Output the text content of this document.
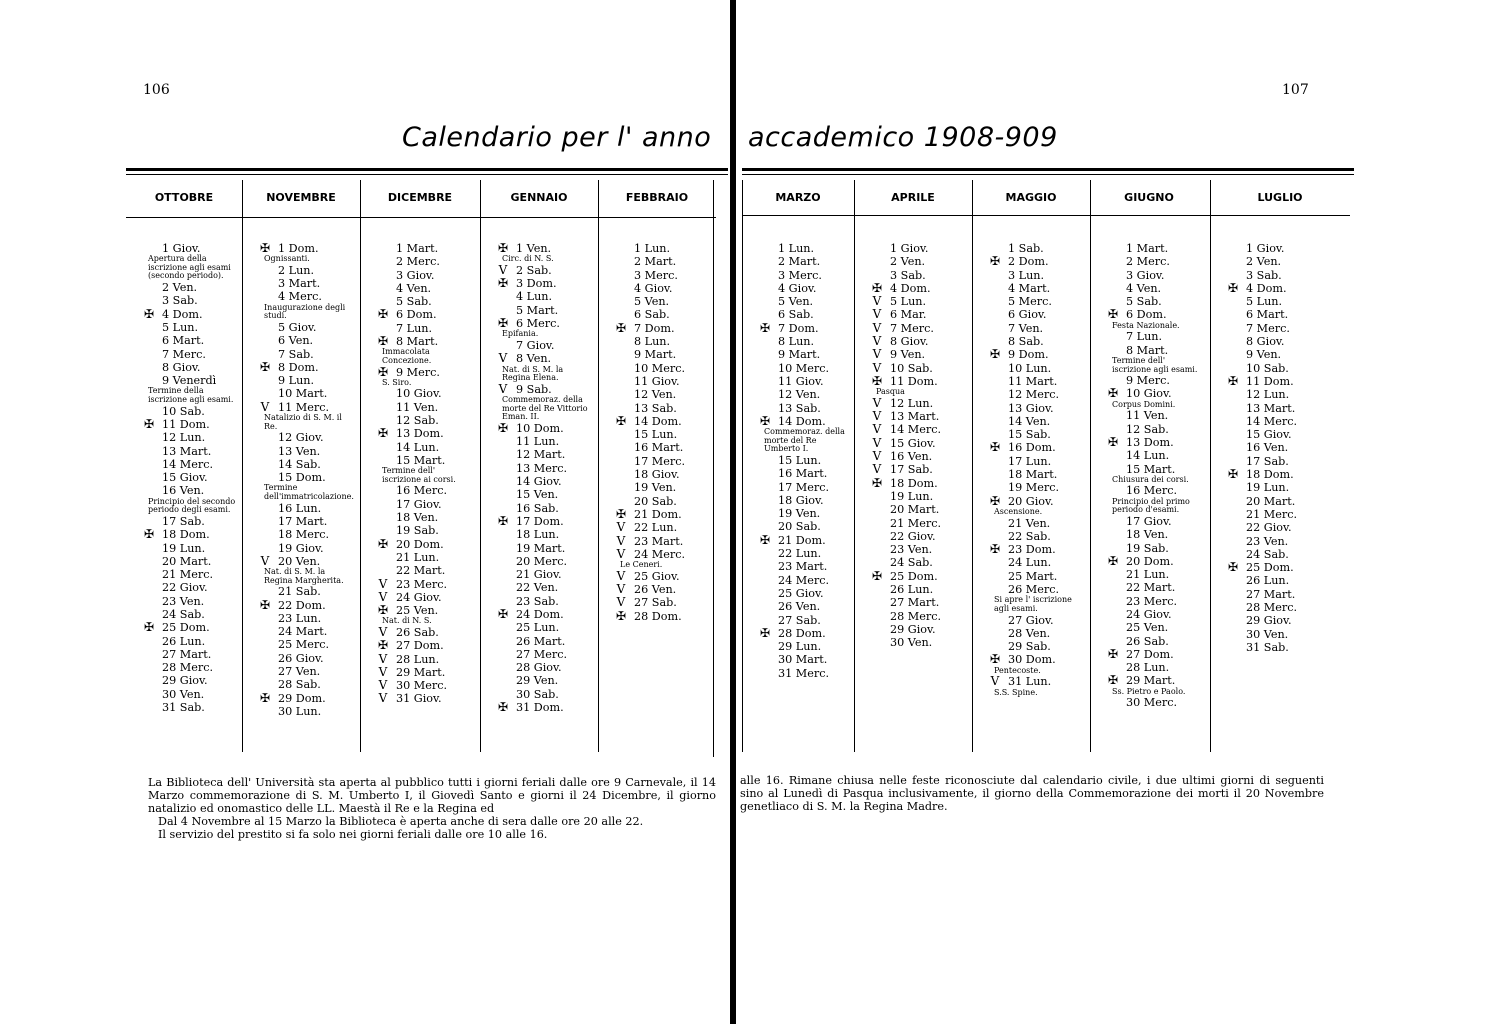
106	107
Calendario per l' anno accademico 1908-909
OTTOBRE
1 Giov.
Apertura della iscrizione agli esami (secondo periodo).
2 Ven.
3 Sab.
✠ 4 Dom.
5 Lun.
6 Mart.
7 Merc.
8 Giov.
9 Venerdì
Termine della iscrizione agli esami.
10 Sab.
✠ 11 Dom.
12 Lun.
13 Mart.
14 Merc.
15 Giov.
16 Ven.
Principio del secondo periodo degli esami.
17 Sab.
✠ 18 Dom.
19 Lun.
20 Mart.
21 Merc.
22 Giov.
23 Ven.
24 Sab.
✠ 25 Dom.
26 Lun.
27 Mart.
28 Merc.
29 Giov.
30 Ven.
31 Sab.
NOVEMBRE
✠ 1 Dom.
Ognissanti.
2 Lun.
3 Mart.
4 Merc.
Inaugurazione degli studi.
5 Giov.
6 Ven.
7 Sab.
✠ 8 Dom.
9 Lun.
10 Mart.
V 11 Merc.
Natalizio di S. M. il Re.
12 Giov.
13 Ven.
14 Sab.
15 Dom.
Termine dell'immatricolazione.
16 Lun.
17 Mart.
18 Merc.
19 Giov.
V 20 Ven.
Nat. di S. M. la Regina Margherita.
21 Sab.
✠ 22 Dom.
23 Lun.
24 Mart.
25 Merc.
26 Giov.
27 Ven.
28 Sab.
✠ 29 Dom.
30 Lun.
DICEMBRE
1 Mart.
2 Merc.
3 Giov.
4 Ven.
5 Sab.
✠ 6 Dom.
7 Lun.
✠ 8 Mart.
Immacolata Concezione.
✠ 9 Merc.
S. Siro.
10 Giov.
11 Ven.
12 Sab.
✠ 13 Dom.
14 Lun.
15 Mart.
Termine dell' iscrizione ai corsi.
16 Merc.
17 Giov.
18 Ven.
19 Sab.
✠ 20 Dom.
21 Lun.
22 Mart.
V 23 Merc.
V 24 Giov.
✠ 25 Ven.
Nat. di N. S.
V 26 Sab.
✠ 27 Dom.
V 28 Lun.
V 29 Mart.
V 30 Merc.
V 31 Giov.
GENNAIO
✠ 1 Ven.
Circ. di N. S.
V 2 Sab.
✠ 3 Dom.
4 Lun.
5 Mart.
✠ 6 Merc.
Epifania.
7 Giov.
V 8 Ven.
Nat. di S. M. la Regina Elena.
V 9 Sab.
Commemoraz. della morte del Re Vittorio Eman. II.
✠ 10 Dom.
11 Lun.
12 Mart.
13 Merc.
14 Giov.
15 Ven.
16 Sab.
✠ 17 Dom.
18 Lun.
19 Mart.
20 Merc.
21 Giov.
22 Ven.
23 Sab.
✠ 24 Dom.
25 Lun.
26 Mart.
27 Merc.
28 Giov.
29 Ven.
30 Sab.
✠ 31 Dom.
FEBBRAIO
1 Lun.
2 Mart.
3 Merc.
4 Giov.
5 Ven.
6 Sab.
✠ 7 Dom.
8 Lun.
9 Mart.
10 Merc.
11 Giov.
12 Ven.
13 Sab.
✠ 14 Dom.
15 Lun.
16 Mart.
17 Merc.
18 Giov.
19 Ven.
20 Sab.
✠ 21 Dom.
V 22 Lun.
V 23 Mart.
V 24 Merc.
Le Ceneri.
V 25 Giov.
V 26 Ven.
V 27 Sab.
✠ 28 Dom.
MARZO
1 Lun.
2 Mart.
3 Merc.
4 Giov.
5 Ven.
6 Sab.
✠ 7 Dom.
8 Lun.
9 Mart.
10 Merc.
11 Giov.
12 Ven.
13 Sab.
✠ 14 Dom.
Commemoraz. della morte del Re Umberto I.
15 Lun.
16 Mart.
17 Merc.
18 Giov.
19 Ven.
20 Sab.
✠ 21 Dom.
22 Lun.
23 Mart.
24 Merc.
25 Giov.
26 Ven.
27 Sab.
✠ 28 Dom.
29 Lun.
30 Mart.
31 Merc.
APRILE
1 Giov.
2 Ven.
3 Sab.
✠ 4 Dom.
V 5 Lun.
V 6 Mar.
V 7 Merc.
V 8 Giov.
V 9 Ven.
V 10 Sab.
✠ 11 Dom.
Pasqua
V 12 Lun.
V 13 Mart.
V 14 Merc.
V 15 Giov.
V 16 Ven.
V 17 Sab.
✠ 18 Dom.
19 Lun.
20 Mart.
21 Merc.
22 Giov.
23 Ven.
24 Sab.
✠ 25 Dom.
26 Lun.
27 Mart.
28 Merc.
29 Giov.
30 Ven.
MAGGIO
1 Sab.
✠ 2 Dom.
3 Lun.
4 Mart.
5 Merc.
6 Giov.
7 Ven.
8 Sab.
✠ 9 Dom.
10 Lun.
11 Mart.
12 Merc.
13 Giov.
14 Ven.
15 Sab.
✠ 16 Dom.
17 Lun.
18 Mart.
19 Merc.
✠ 20 Giov.
Ascensione.
21 Ven.
22 Sab.
✠ 23 Dom.
24 Lun.
25 Mart.
26 Merc.
Si apre l' iscrizione agli esami.
27 Giov.
28 Ven.
29 Sab.
✠ 30 Dom.
Pentecoste.
V 31 Lun.
S.S. Spine.
GIUGNO
1 Mart.
2 Merc.
3 Giov.
4 Ven.
5 Sab.
✠ 6 Dom.
Festa Nazionale.
7 Lun.
8 Mart.
Termine dell' iscrizione agli esami.
9 Merc.
✠ 10 Giov.
Corpus Domini.
11 Ven.
12 Sab.
✠ 13 Dom.
14 Lun.
15 Mart.
Chiusura dei corsi.
16 Merc.
Principio del primo periodo d'esami.
17 Giov.
18 Ven.
19 Sab.
✠ 20 Dom.
21 Lun.
22 Mart.
23 Merc.
24 Giov.
25 Ven.
26 Sab.
✠ 27 Dom.
28 Lun.
✠ 29 Mart.
Ss. Pietro e Paolo.
30 Merc.
LUGLIO
1 Giov.
2 Ven.
3 Sab.
✠ 4 Dom.
5 Lun.
6 Mart.
7 Merc.
8 Giov.
9 Ven.
10 Sab.
✠ 11 Dom.
12 Lun.
13 Mart.
14 Merc.
15 Giov.
16 Ven.
17 Sab.
✠ 18 Dom.
19 Lun.
20 Mart.
21 Merc.
22 Giov.
23 Ven.
24 Sab.
✠ 25 Dom.
26 Lun.
27 Mart.
28 Merc.
29 Giov.
30 Ven.
31 Sab.

La Biblioteca dell' Università sta aperta al pubblico tutti i giorni feriali dalle ore 9 Carnevale, il 14 Marzo commemorazione di S. M. Umberto I, il Giovedì Santo e giorni il 24 Dicembre, il giorno natalizio ed onomastico delle LL. Maestà il Re e la Regina ed

Dal 4 Novembre al 15 Marzo la Biblioteca è aperta anche di sera dalle ore 20 alle 22.

Il servizio del prestito si fa solo nei giorni feriali dalle ore 10 alle 16.

alle 16. Rimane chiusa nelle feste riconosciute dal calendario civile, i due ultimi giorni di seguenti sino al Lunedì di Pasqua inclusivamente, il giorno della Commemorazione dei morti il 20 Novembre genetliaco di S. M. la Regina Madre.
